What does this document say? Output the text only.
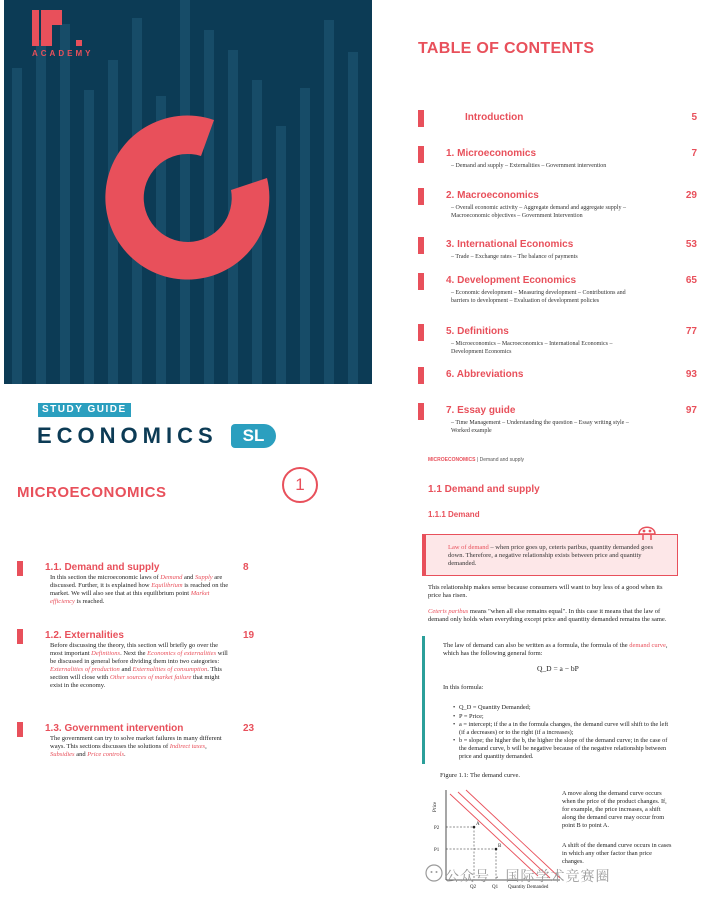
ACADEMY
STUDY GUIDE
ECONOMICS	SL
TABLE OF CONTENTS
Introduction	5
1. Microeconomics	7
– Demand and supply – Externalities – Government intervention
2. Macroeconomics	29
– Overall economic activity – Aggregate demand and aggregate supply – Macroeconomic objectives – Government Intervention
3. International Economics	53
– Trade – Exchange rates – The balance of payments
4. Development Economics	65
– Economic development – Measuring development – Contributions and barriers to development – Evaluation of development policies
5. Definitions	77
– Microeconomics – Macroeconomics – International Economics – Development Economics
6. Abbreviations	93
7. Essay guide	97
– Time Management – Understanding the question – Essay writing style – Worked example
MICROECONOMICS	1
1.1. Demand and supply	8
In this section the microeconomic laws of Demand and Supply are discussed. Further, it is explained how Equilibrium is reached on the market. We will also see that at this equilibrium point Market efficiency is reached.
1.2. Externalities	19
Before discussing the theory, this section will briefly go over the most important Definitions. Next the Economics of externalities will be discussed in general before dividing them into two categories: Externalities of production and Externalities of consumption. This section will close with Other sources of market failure that might exist in the economy.
1.3. Government intervention	23
The government can try to solve market failures in many different ways. This sections discusses the solutions of Indirect taxes, Subsidies and Price controls.
MICROECONOMICS | Demand and supply
1.1 Demand and supply
1.1.1 Demand
Law of demand – when price goes up, ceteris paribus, quantity demanded goes down. Therefore, a negative relationship exists between price and quantity demanded.
This relationship makes sense because consumers will want to buy less of a good when its price has risen.
Ceteris paribus means "when all else remains equal". In this case it means that the law of demand only holds when everything except price and quantity demanded remains the same.
The law of demand can also be written as a formula, the formula of the demand curve, which has the following general form:
Q_D = a − bP
In this formula:
• Q_D = Quantity Demanded;
• P = Price;
• a = intercept; if the a in the formula changes, the demand curve will shift to the left (if a decreases) or to the right (if a increases);
• b = slope; the higher the b, the higher the slope of the demand curve; in the case of the demand curve, b will be negative because of the negative relationship between price and quantity demanded.
Figure 1.1: The demand curve.
Price
Quantity Demanded
A
B
P2
P1
Q2	Q1
A move along the demand curve occurs when the price of the product changes. If, for example, the price increases, a shift along the demand curve may occur from point B to point A.
A shift of the demand curve occurs in cases in which any other factor than price changes.
公众号 · 国际学术竞赛圈
